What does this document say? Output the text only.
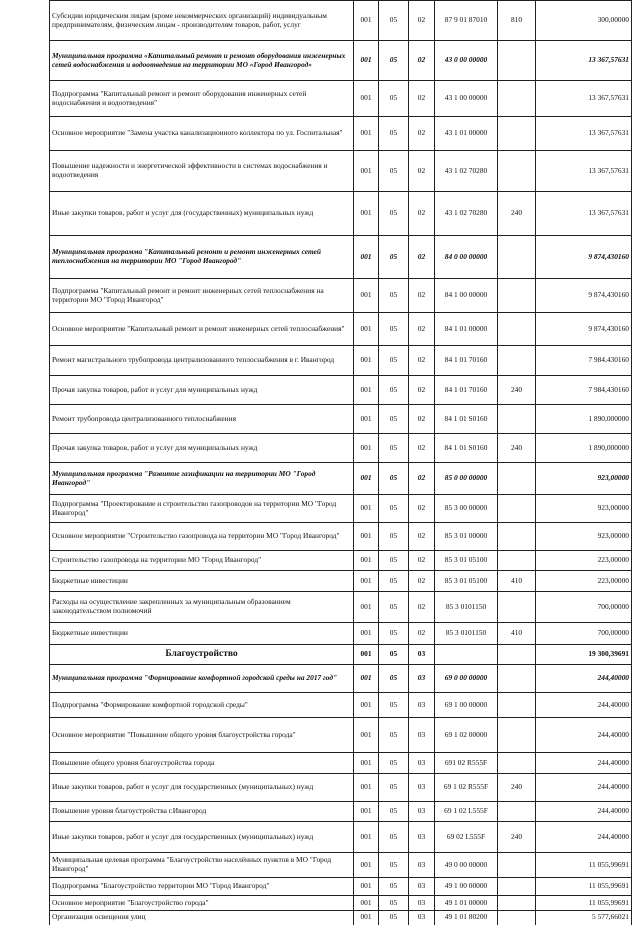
Субсидии юридическим лицам (кроме некоммерческих организаций) индивидуальным предпринимателям, физическим лицам - производителям товаров, работ, услуг	001	05	02	87 9 01 87010	810	300,00000
Муниципальная программа «Капитальный ремонт и ремонт оборудования инженерных сетей водоснабжения и водоотведения на территории МО «Город Ивангород»	001	05	02	43 0 00 00000		13 367,57631
Подпрограмма "Капитальный ремонт и ремонт оборудования инженерных сетей водоснабжения и водоотведения"	001	05	02	43 1 00 00000		13 367,57631
Основное мероприятие "Замена участка канализационного коллектора по ул. Госпитальная"	001	05	02	43 1 01 00000		13 367,57631
Повышение надежности и энергетической эффективности в системах водоснабжения и водоотведения	001	05	02	43 1 02 70280		13 367,57631
Иные закупки товаров, работ и услуг для (государственных) муниципальных нужд	001	05	02	43 1 02 70280	240	13 367,57631
Муниципальная программа "Капитальный ремонт и ремонт инженерных сетей теплоснабжения на территории МО "Город Ивангород"	001	05	02	84 0 00 00000		9 874,430160
Подпрограмма "Капитальный ремонт и ремонт инженерных сетей теплоснабжения на территории МО "Город Ивангород"	001	05	02	84 1 00 00000		9 874,430160
Основное мероприятие "Капитальный ремонт и ремонт инженерных сетей теплоснабжения"	001	05	02	84 1 01 00000		9 874,430160
Ремонт магистрального трубопровода централизованного теплоснабжения в г. Ивангород	001	05	02	84 1 01 70160		7 984,430160
Прочая закупка товаров, работ и услуг для муниципальных нужд	001	05	02	84 1 01 70160	240	7 984,430160
Ремонт трубопровода централизованного теплоснабжения	001	05	02	84 1 01 S0160		1 890,000000
Прочая закупка товаров, работ и услуг для муниципальных нужд	001	05	02	84 1 01 S0160	240	1 890,000000
Муниципальная программа "Развитие газификации на территории МО "Город Ивангород"	001	05	02	85 0 00 00000		923,00000
Подпрограмма "Проектирование и строительство газопроводов на территории МО "Город Ивангород"	001	05	02	85 3 00 00000		923,00000
Основное мероприятие "Строительство газопровода на территории МО "Город Ивангород"	001	05	02	85 3 01 00000		923,00000
Строительство газопровода на территории МО "Город Ивангород"	001	05	02	85 3 01 05100		223,00000
Бюджетные инвестиции	001	05	02	85 3 01 05100	410	223,00000
Расходы на осуществление закрепленных за муниципальным образованием законодательством полномочий	001	05	02	85 3 0101150		700,00000
Бюджетные инвестиции	001	05	02	85 3 0101150	410	700,00000
Благоустройство	001	05	03			19 300,39691
Муниципальная программа "Формирование комфортной городской среды на 2017 год"	001	05	03	69 0 00 00000		244,40000
Подпрограмма "Формирование комфортной городской среды"	001	05	03	69 1 00 00000		244,40000
Основное мероприятие "Повышение общего уровня благоустройства города"	001	05	03	69 1 02 00000		244,40000
Повышение общего уровня благоустройства города	001	05	03	691 02 R555F		244,40000
Иные закупки товаров, работ и услуг для государственных (муниципальных) нужд	001	05	03	69 1 02 R555F	240	244,40000
Повышение уровня благоустройства г.Ивангород	001	05	03	69 1 02 L555F		244,40000
Иные закупки товаров, работ и услуг для государственных (муниципальных) нужд	001	05	03	69 02 L555F	240	244,40000
Муниципальная целевая программа "Благоустройство населённых пунктов в МО "Город Ивангород"	001	05	03	49 0 00 00000		11 055,99691
Подпрограмма "Благоустройство территории МО "Город Ивангород"	001	05	03	49 1 00 00000		11 055,99691
Основное мероприятие "Благоустройство города"	001	05	03	49 1 01 00000		11 055,99691
Организация освещения улиц	001	05	03	49 1 01 80200		5 577,66021
